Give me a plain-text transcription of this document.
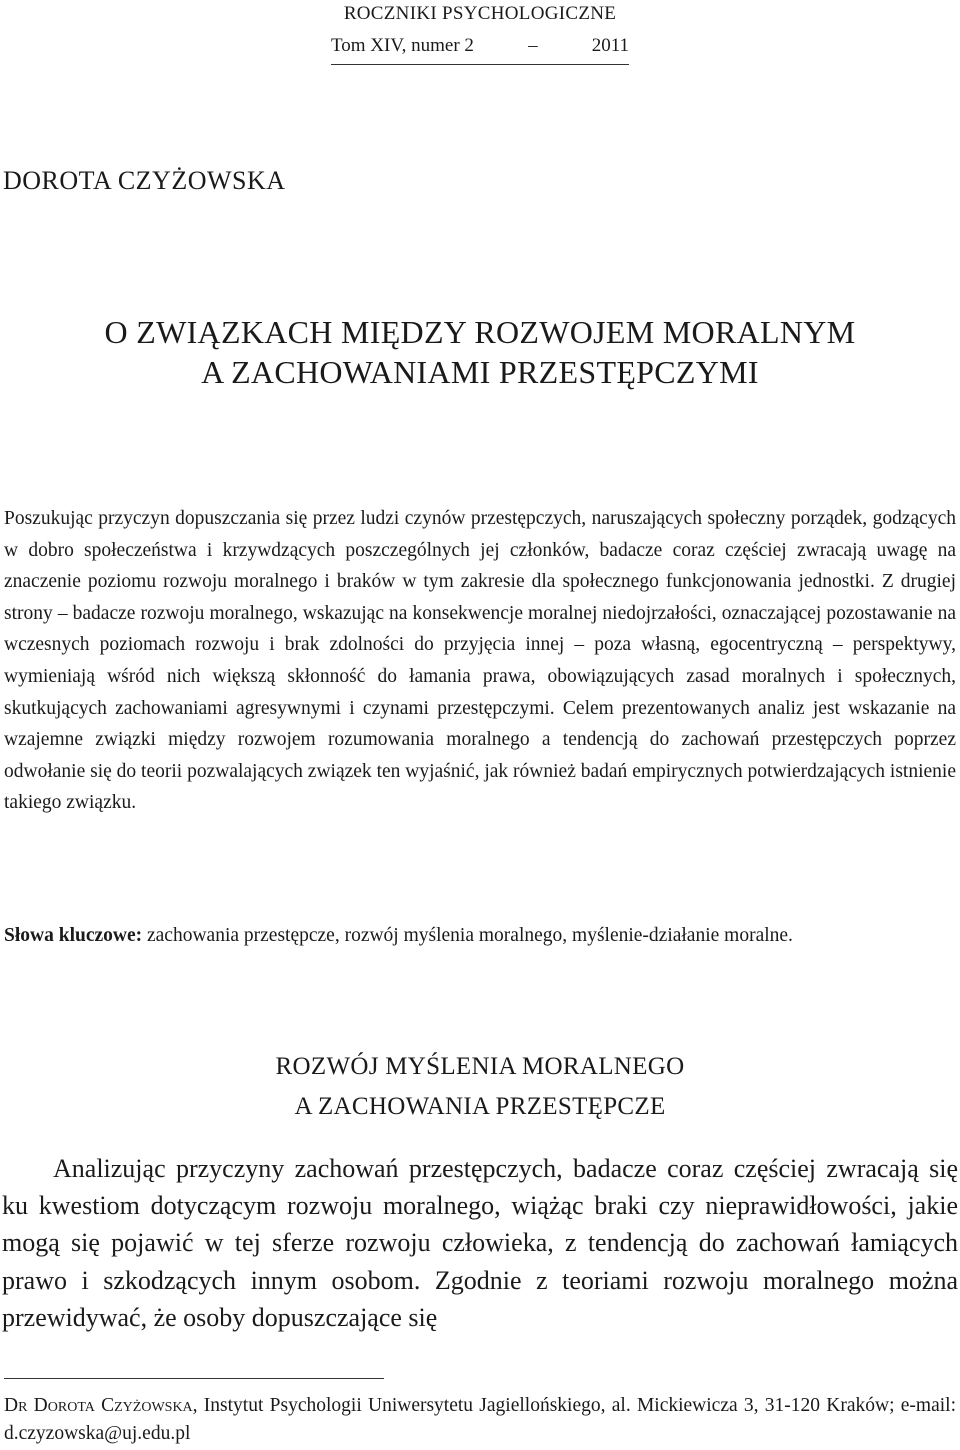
ROCZNIKI PSYCHOLOGICZNE
Tom XIV, numer 2	–	2011
DOROTA CZYŻOWSKA
O ZWIĄZKACH MIĘDZY ROZWOJEM MORALNYM
A ZACHOWANIAMI PRZESTĘPCZYMI
Poszukując przyczyn dopuszczania się przez ludzi czynów przestępczych, naruszających społeczny porządek, godzących w dobro społeczeństwa i krzywdzących poszczególnych jej członków, badacze coraz częściej zwracają uwagę na znaczenie poziomu rozwoju moralnego i braków w tym zakresie dla społecznego funkcjonowania jednostki. Z drugiej strony – badacze rozwoju moralnego, wskazując na konsekwencje moralnej niedojrzałości, oznaczającej pozostawanie na wczesnych poziomach rozwoju i brak zdolności do przyjęcia innej – poza własną, egocentryczną – perspektywy, wymieniają wśród nich większą skłonność do łamania prawa, obowiązujących zasad moralnych i społecznych, skutkujących zachowaniami agresywnymi i czynami przestępczymi. Celem prezentowanych analiz jest wskazanie na wzajemne związki między rozwojem rozumowania moralnego a tendencją do zachowań przestępczych poprzez odwołanie się do teorii pozwalających związek ten wyjaśnić, jak również badań empirycznych potwierdzających istnienie takiego związku.
Słowa kluczowe: zachowania przestępcze, rozwój myślenia moralnego, myślenie-działanie moralne.
ROZWÓJ MYŚLENIA MORALNEGO
A ZACHOWANIA PRZESTĘPCZE
Analizując przyczyny zachowań przestępczych, badacze coraz częściej zwracają się ku kwestiom dotyczącym rozwoju moralnego, wiążąc braki czy nieprawidłowości, jakie mogą się pojawić w tej sferze rozwoju człowieka, z tendencją do zachowań łamiących prawo i szkodzących innym osobom. Zgodnie z teoriami rozwoju moralnego można przewidywać, że osoby dopuszczające się
Dr Dorota Czyżowska, Instytut Psychologii Uniwersytetu Jagiellońskiego, al. Mickiewicza 3, 31-120 Kraków; e-mail: d.czyzowska@uj.edu.pl
